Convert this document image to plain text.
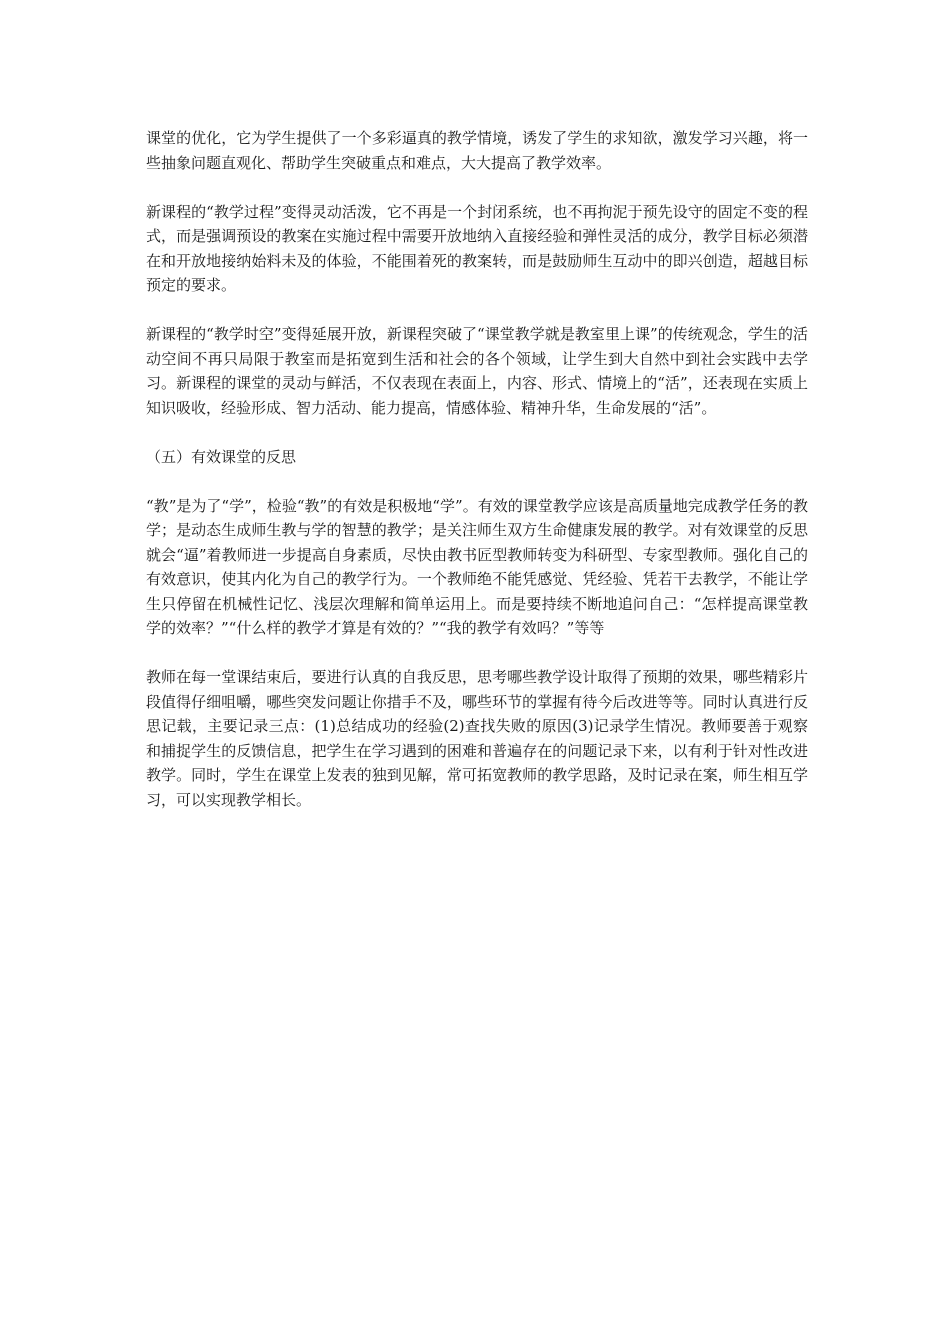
课堂的优化，它为学生提供了一个多彩逼真的教学情境，诱发了学生的求知欲，激发学习兴趣，将一些抽象问题直观化、帮助学生突破重点和难点，大大提高了教学效率。

新课程的“教学过程”变得灵动活泼，它不再是一个封闭系统，也不再拘泥于预先设守的固定不变的程式，而是强调预设的教案在实施过程中需要开放地纳入直接经验和弹性灵活的成分，教学目标必须潜在和开放地接纳始料未及的体验，不能围着死的教案转，而是鼓励师生互动中的即兴创造，超越目标预定的要求。

新课程的“教学时空”变得延展开放，新课程突破了“课堂教学就是教室里上课”的传统观念，学生的活动空间不再只局限于教室而是拓宽到生活和社会的各个领域，让学生到大自然中到社会实践中去学习。新课程的课堂的灵动与鲜活，不仅表现在表面上，内容、形式、情境上的“活”，还表现在实质上知识吸收，经验形成、智力活动、能力提高，情感体验、精神升华，生命发展的“活”。

（五）有效课堂的反思

“教”是为了“学”，检验“教”的有效是积极地“学”。有效的课堂教学应该是高质量地完成教学任务的教学；是动态生成师生教与学的智慧的教学；是关注师生双方生命健康发展的教学。对有效课堂的反思就会“逼”着教师进一步提高自身素质，尽快由教书匠型教师转变为科研型、专家型教师。强化自己的有效意识，使其内化为自己的教学行为。一个教师绝不能凭感觉、凭经验、凭若干去教学，不能让学生只停留在机械性记忆、浅层次理解和简单运用上。而是要持续不断地追问自己：“怎样提高课堂教学的效率？”“什么样的教学才算是有效的？”“我的教学有效吗？”等等

教师在每一堂课结束后，要进行认真的自我反思，思考哪些教学设计取得了预期的效果，哪些精彩片段值得仔细咀嚼，哪些突发问题让你措手不及，哪些环节的掌握有待今后改进等等。同时认真进行反思记载，主要记录三点：(1)总结成功的经验(2)查找失败的原因(3)记录学生情况。教师要善于观察和捕捉学生的反馈信息，把学生在学习遇到的困难和普遍存在的问题记录下来，以有利于针对性改进教学。同时，学生在课堂上发表的独到见解，常可拓宽教师的教学思路，及时记录在案，师生相互学习，可以实现教学相长。
